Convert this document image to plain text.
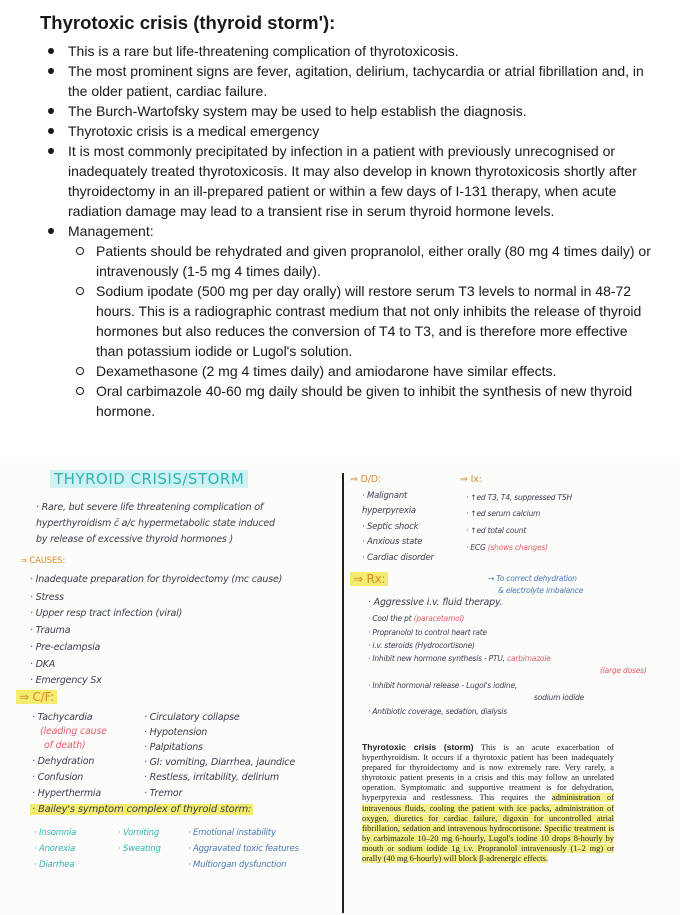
Thyrotoxic crisis (thyroid storm'):
This is a rare but life-threatening complication of thyrotoxicosis.
The most prominent signs are fever, agitation, delirium, tachycardia or atrial fibrillation and, in the older patient, cardiac failure.
The Burch-Wartofsky system may be used to help establish the diagnosis.
Thyrotoxic crisis is a medical emergency
It is most commonly precipitated by infection in a patient with previously unrecognised or inadequately treated thyrotoxicosis. It may also develop in known thyrotoxicosis shortly after thyroidectomy in an ill-prepared patient or within a few days of I-131 therapy, when acute radiation damage may lead to a transient rise in serum thyroid hormone levels.
Management:
Patients should be rehydrated and given propranolol, either orally (80 mg 4 times daily) or intravenously (1-5 mg 4 times daily).
Sodium ipodate (500 mg per day orally) will restore serum T3 levels to normal in 48-72 hours. This is a radiographic contrast medium that not only inhibits the release of thyroid hormones but also reduces the conversion of T4 to T3, and is therefore more effective than potassium iodide or Lugol's solution.
Dexamethasone (2 mg 4 times daily) and amiodarone have similar effects.
Oral carbimazole 40-60 mg daily should be given to inhibit the synthesis of new thyroid hormone.
THYROID CRISIS/STORM
· Rare, but severe life threatening complication of
hyperthyroidism c̄ a/c hypermetabolic state induced
by release of excessive thyroid hormones )
⇒ CAUSES:
· Inadequate preparation for thyroidectomy (mc cause)
· Stress
· Upper resp tract infection (viral)
· Trauma
· Pre-eclampsia
· DKA
· Emergency Sx
⇒ C/F:
· Tachycardia
(leading cause
of death)
· Dehydration
· Confusion
· Hyperthermia
· Circulatory collapse
· Hypotension
· Palpitations
· GI: vomiting, Diarrhea, jaundice
· Restless, irritability, delirium
· Tremor
· Bailey's symptom complex of thyroid storm:
· Insomnia
· Anorexia
· Diarrhea
· Vomiting
· Sweating
· Emotional instability
· Aggravated toxic features
· Multiorgan dysfunction
⇒ D/D:
· Malignant
hyperpyrexia
· Septic shock
· Anxious state
· Cardiac disorder
⇒ Ix:
· ↑ed T3, T4, suppressed TSH
· ↑ed serum calcium
· ↑ed total count
· ECG (shows changes)
⇒ Rx:	→ To correct dehydration
& electrolyte imbalance
· Aggressive i.v. fluid therapy.
· Cool the pt (paracetamol)
· Propranolol to control heart rate
· i.v. steroids (Hydrocortisone)
· Inhibit new hormone synthesis - PTU, carbimazole
(large doses)
· Inhibit hormonal release - Lugol's iodine,
sodium iodide
· Antibiotic coverage, sedation, dialysis
Thyrotoxic crisis (storm) This is an acute exacerbation of hyperthyroidism. It occurs if a thyrotoxic patient has been inadequately prepared for thyroidectomy and is now extremely rare. Very rarely, a thyrotoxic patient presents in a crisis and this may follow an unrelated operation. Symptomatic and supportive treatment is for dehydration, hyperpyrexia and restlessness. This requires the administration of intravenous fluids, cooling the patient with ice packs, administration of oxygen, diuretics for cardiac failure, digoxin for uncontrolled atrial fibrillation, sedation and intravenous hydrocortisone. Specific treatment is by carbimazole 10–20 mg 6-hourly, Lugol's iodine 10 drops 8-hourly by mouth or sodium iodide 1g i.v. Propranolol intravenously (1–2 mg) or orally (40 mg 6-hourly) will block β-adrenergic effects.
